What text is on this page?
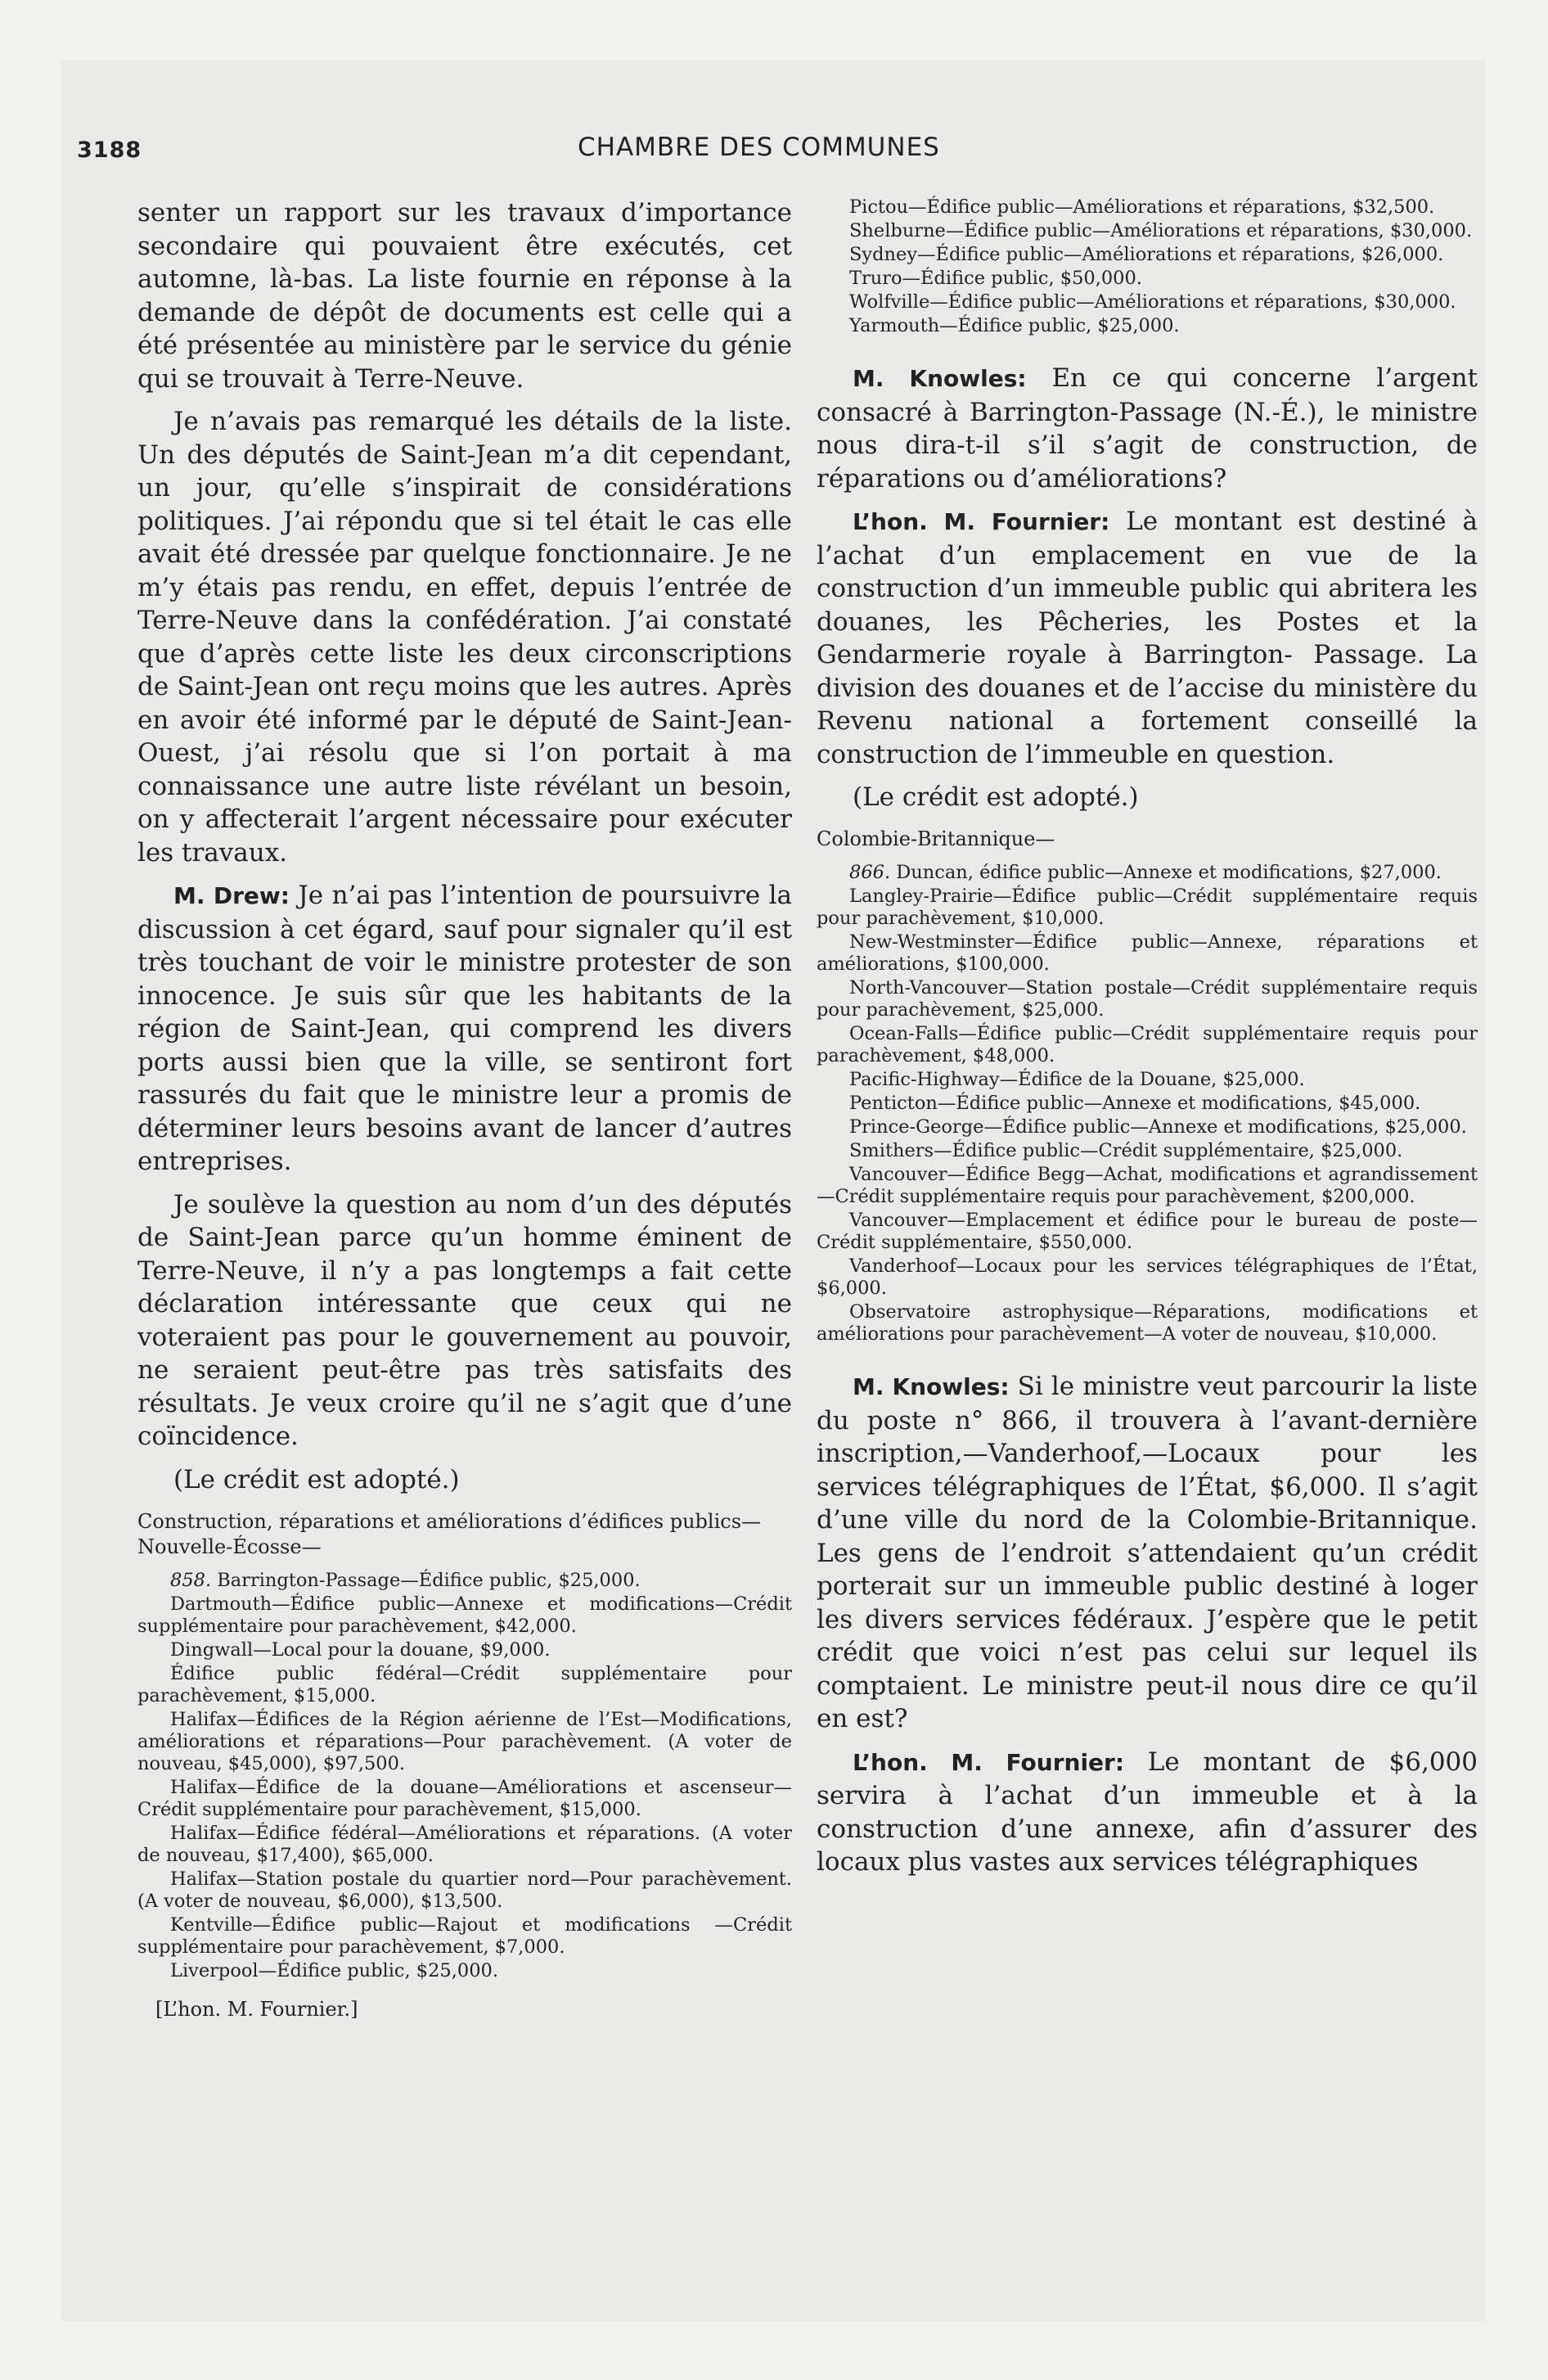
3188	CHAMBRE DES COMMUNES

senter un rapport sur les travaux d’importance secondaire qui pouvaient être exécutés, cet automne, là-bas. La liste fournie en réponse à la demande de dépôt de documents est celle qui a été présentée au ministère par le service du génie qui se trouvait à Terre-Neuve.

Je n’avais pas remarqué les détails de la liste. Un des députés de Saint-Jean m’a dit cependant, un jour, qu’elle s’inspirait de considérations politiques. J’ai répondu que si tel était le cas elle avait été dressée par quelque fonctionnaire. Je ne m’y étais pas rendu, en effet, depuis l’entrée de Terre-Neuve dans la confédération. J’ai constaté que d’après cette liste les deux circonscriptions de Saint-Jean ont reçu moins que les autres. Après en avoir été informé par le député de Saint-Jean-Ouest, j’ai résolu que si l’on portait à ma connaissance une autre liste révélant un besoin, on y affecterait l’argent nécessaire pour exécuter les travaux.

M. Drew: Je n’ai pas l’intention de poursuivre la discussion à cet égard, sauf pour signaler qu’il est très touchant de voir le ministre protester de son innocence. Je suis sûr que les habitants de la région de Saint-Jean, qui comprend les divers ports aussi bien que la ville, se sentiront fort rassurés du fait que le ministre leur a promis de déterminer leurs besoins avant de lancer d’autres entreprises.

Je soulève la question au nom d’un des députés de Saint-Jean parce qu’un homme éminent de Terre-Neuve, il n’y a pas longtemps a fait cette déclaration intéressante que ceux qui ne voteraient pas pour le gouvernement au pouvoir, ne seraient peut-être pas très satisfaits des résultats. Je veux croire qu’il ne s’agit que d’une coïncidence.

(Le crédit est adopté.)
Construction, réparations et améliorations d’édifices publics—Nouvelle-Écosse—

858. Barrington-Passage—Édifice public, $25,000.

Dartmouth—Édifice public—Annexe et modifications—Crédit supplémentaire pour parachèvement, $42,000.

Dingwall—Local pour la douane, $9,000.

Édifice public fédéral—Crédit supplémentaire pour parachèvement, $15,000.

Halifax—Édifices de la Région aérienne de l’Est—Modifications, améliorations et réparations—Pour parachèvement. (A voter de nouveau, $45,000), $97,500.

Halifax—Édifice de la douane—Améliorations et ascenseur—Crédit supplémentaire pour parachèvement, $15,000.

Halifax—Édifice fédéral—Améliorations et réparations. (A voter de nouveau, $17,400), $65,000.

Halifax—Station postale du quartier nord—Pour parachèvement. (A voter de nouveau, $6,000), $13,500.

Kentville—Édifice public—Rajout et modifications —Crédit supplémentaire pour parachèvement, $7,000.

Liverpool—Édifice public, $25,000.

[L’hon. M. Fournier.]

Pictou—Édifice public—Améliorations et réparations, $32,500.

Shelburne—Édifice public—Améliorations et réparations, $30,000.

Sydney—Édifice public—Améliorations et réparations, $26,000.

Truro—Édifice public, $50,000.

Wolfville—Édifice public—Améliorations et réparations, $30,000.

Yarmouth—Édifice public, $25,000.

M. Knowles: En ce qui concerne l’argent consacré à Barrington-Passage (N.-É.), le ministre nous dira-t-il s’il s’agit de construction, de réparations ou d’améliorations?

L’hon. M. Fournier: Le montant est destiné à l’achat d’un emplacement en vue de la construction d’un immeuble public qui abritera les douanes, les Pêcheries, les Postes et la Gendarmerie royale à Barrington- Passage. La division des douanes et de l’accise du ministère du Revenu national a fortement conseillé la construction de l’immeuble en question.

(Le crédit est adopté.)
Colombie-Britannique—

866. Duncan, édifice public—Annexe et modifications, $27,000.

Langley-Prairie—Édifice public—Crédit supplémentaire requis pour parachèvement, $10,000.

New-Westminster—Édifice public—Annexe, réparations et améliorations, $100,000.

North-Vancouver—Station postale—Crédit supplémentaire requis pour parachèvement, $25,000.

Ocean-Falls—Édifice public—Crédit supplémentaire requis pour parachèvement, $48,000.

Pacific-Highway—Édifice de la Douane, $25,000.

Penticton—Édifice public—Annexe et modifications, $45,000.

Prince-George—Édifice public—Annexe et modifications, $25,000.

Smithers—Édifice public—Crédit supplémentaire, $25,000.

Vancouver—Édifice Begg—Achat, modifications et agrandissement—Crédit supplémentaire requis pour parachèvement, $200,000.

Vancouver—Emplacement et édifice pour le bureau de poste—Crédit supplémentaire, $550,000.

Vanderhoof—Locaux pour les services télégraphiques de l’État, $6,000.

Observatoire astrophysique—Réparations, modifications et améliorations pour parachèvement—A voter de nouveau, $10,000.

M. Knowles: Si le ministre veut parcourir la liste du poste n° 866, il trouvera à l’avant-dernière inscription,—Vanderhoof,—Locaux pour les services télégraphiques de l’État, $6,000. Il s’agit d’une ville du nord de la Colombie-Britannique. Les gens de l’endroit s’attendaient qu’un crédit porterait sur un immeuble public destiné à loger les divers services fédéraux. J’espère que le petit crédit que voici n’est pas celui sur lequel ils comptaient. Le ministre peut-il nous dire ce qu’il en est?

L’hon. M. Fournier: Le montant de $6,000 servira à l’achat d’un immeuble et à la construction d’une annexe, afin d’assurer des locaux plus vastes aux services télégraphiques
